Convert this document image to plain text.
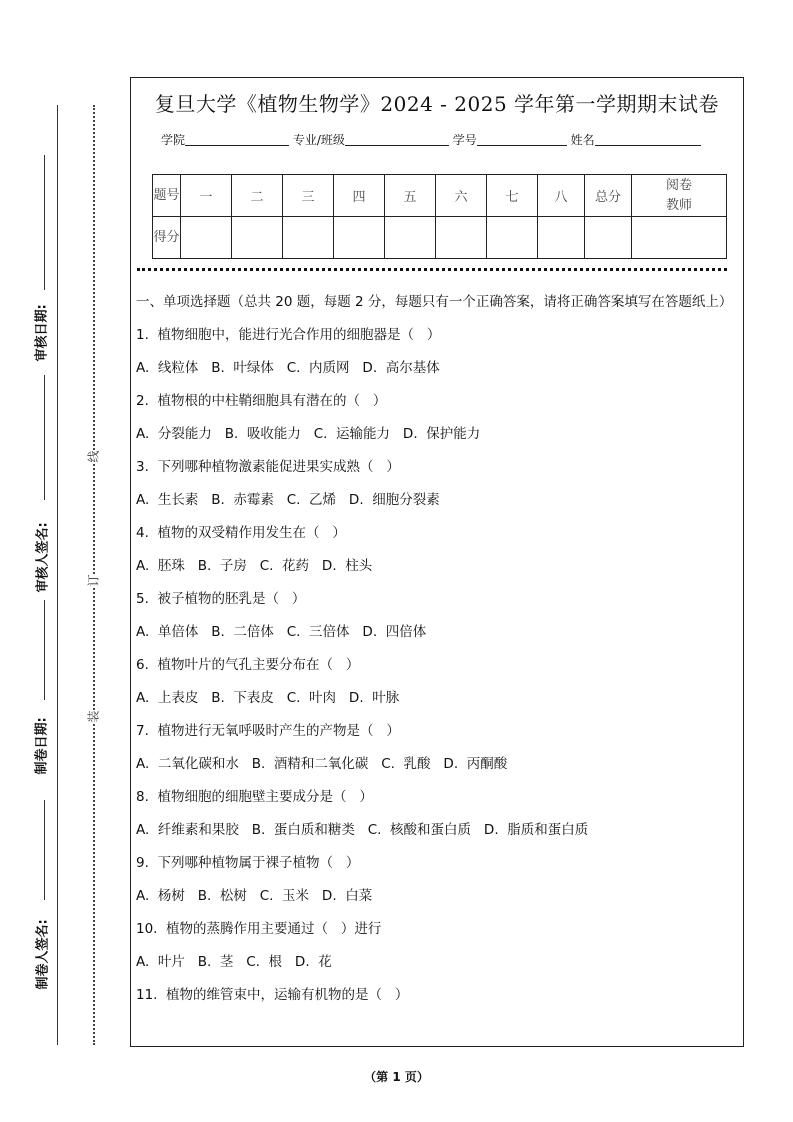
审核日期:
审核人签名:
制卷日期:
制卷人签名:
线
订
装
复旦大学《植物生物学》2024 - 2025 学年第一学期期末试卷
学院	专业/班级	学号	姓名
题号	一	二	三	四	五	六	七	八	总分	阅卷教师
得分										
一、单项选择题（总共 20 题，每题 2 分，每题只有一个正确答案，请将正确答案填写在答题纸上）
1.  植物细胞中，能进行光合作用的细胞器是（   ）
A.  线粒体   B.  叶绿体   C.  内质网   D.  高尔基体
2.  植物根的中柱鞘细胞具有潜在的（   ）
A.  分裂能力   B.  吸收能力   C.  运输能力   D.  保护能力
3.  下列哪种植物激素能促进果实成熟（   ）
A.  生长素   B.  赤霉素   C.  乙烯   D.  细胞分裂素
4.  植物的双受精作用发生在（   ）
A.  胚珠   B.  子房   C.  花药   D.  柱头
5.  被子植物的胚乳是（   ）
A.  单倍体   B.  二倍体   C.  三倍体   D.  四倍体
6.  植物叶片的气孔主要分布在（   ）
A.  上表皮   B.  下表皮   C.  叶肉   D.  叶脉
7.  植物进行无氧呼吸时产生的产物是（   ）
A.  二氧化碳和水   B.  酒精和二氧化碳   C.  乳酸   D.  丙酮酸
8.  植物细胞的细胞壁主要成分是（   ）
A.  纤维素和果胶   B.  蛋白质和糖类   C.  核酸和蛋白质   D.  脂质和蛋白质
9.  下列哪种植物属于裸子植物（   ）
A.  杨树   B.  松树   C.  玉米   D.  白菜
10.  植物的蒸腾作用主要通过（   ）进行
A.  叶片   B.  茎   C.  根   D.  花
11.  植物的维管束中，运输有机物的是（   ）
（第 1 页）
